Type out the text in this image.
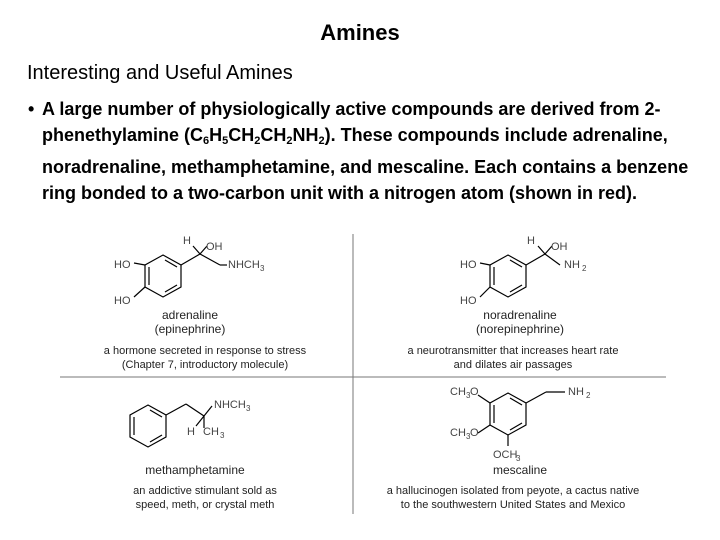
Amines
Interesting and Useful Amines
• A large number of physiologically active compounds are derived from 2-phenethylamine $(C_6H_5CH_2CH_2NH_2)$. These compounds include adrenaline, noradrenaline, methamphetamine, and mescaline. Each contains a benzene ring bonded to a two-carbon unit with a nitrogen atom (shown in red).
H OH
HO
HO
NHCH 3
H OH
HO
HO
NH 2
NHCH 3
H CH 3
CH 3 O
CH 3 O
OCH
3
NH 2
adrenaline
(epinephrine)
a hormone secreted in response to stress
(Chapter 7, introductory molecule)
noradrenaline
(norepinephrine)
a neurotransmitter that increases heart rate
and dilates air passages
methamphetamine
an addictive stimulant sold as
speed, meth, or crystal meth
mescaline
a hallucinogen isolated from peyote, a cactus native
to the southwestern United States and Mexico
